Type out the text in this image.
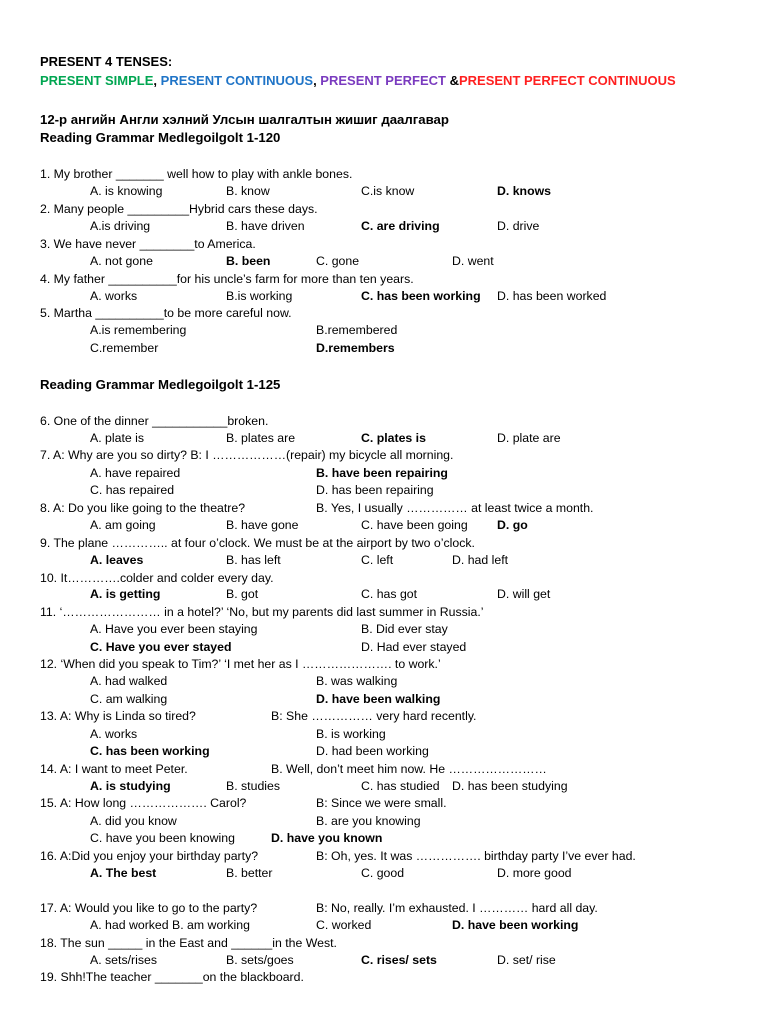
PRESENT 4 TENSES:
PRESENT SIMPLE, PRESENT CONTINUOUS, PRESENT PERFECT &PRESENT PERFECT CONTINUOUS
12-р ангийн Англи хэлний Улсын шалгалтын жишиг даалгавар
Reading Grammar Medlegoilgolt 1-120
Reading Grammar Medlegoilgolt 1-125
1. My brother _______ well how to play with ankle bones.
A. is knowing	B. know	C.is know	D. knows
2. Many people _________Hybrid cars these days.
A.is driving	B. have driven	C. are driving	D. drive
3. We have never ________to America.
A. not gone	B. been	C. gone	D. went
4. My father __________for his uncle’s farm for more than ten years.
A. works	B.is working	C. has been working D. has been worked
5. Martha __________to be more careful now.
A.is remembering	B.remembered
C.remember	D.remembers
6. One of the dinner ___________broken.
A. plate is	B. plates are	C. plates is	D. plate are
7. A: Why are you so dirty? B: I ………………(repair) my bicycle all morning.
A. have repaired	B. have been repairing
C. has repaired	D. has been repairing
8. A: Do you like going to the theatre?	B. Yes, I usually …………… at least twice a month.
A. am going	B. have gone	C. have been going D. go
9. The plane ………….. at four o’clock. We must be at the airport by two o’clock.
A. leaves	B. has left	C. left	D. had left
10. It………….colder and colder every day.
A. is getting	B. got	C. has got	D. will get
11. ‘…………………… in a hotel?’ ‘No, but my parents did last summer in Russia.’
A. Have you ever been staying	B. Did ever stay
C. Have you ever stayed	D. Had ever stayed
12. ‘When did you speak to Tim?’ ‘I met her as I …………………. to work.’
A. had walked	B. was walking
C. am walking	D. have been walking
13. A: Why is Linda so tired?	B: She …………… very hard recently.
A. works	B. is working
C. has been working	D. had been working
14. A: I want to meet Peter.	B. Well, don’t meet him now. He ……………………
A. is studying	B. studies	C. has studied D. has been studying
15. A: How long ………………. Carol?	B: Since we were small.
A. did you know	B. are you knowing
C. have you been knowing	D. have you known
16. A:Did you enjoy your birthday party?	B: Oh, yes. It was ……………. birthday party I’ve ever had.
A. The best	B. better	C. good	D. more good
17. A: Would you like to go to the party?	B: No, really. I’m exhausted. I ………… hard all day.
A. had worked B. am working	C. worked	D. have been working
18. The sun _____ in the East and ______in the West.
A. sets/rises	B. sets/goes	C. rises/ sets	D. set/ rise
19. Shh!The teacher _______on the blackboard.
